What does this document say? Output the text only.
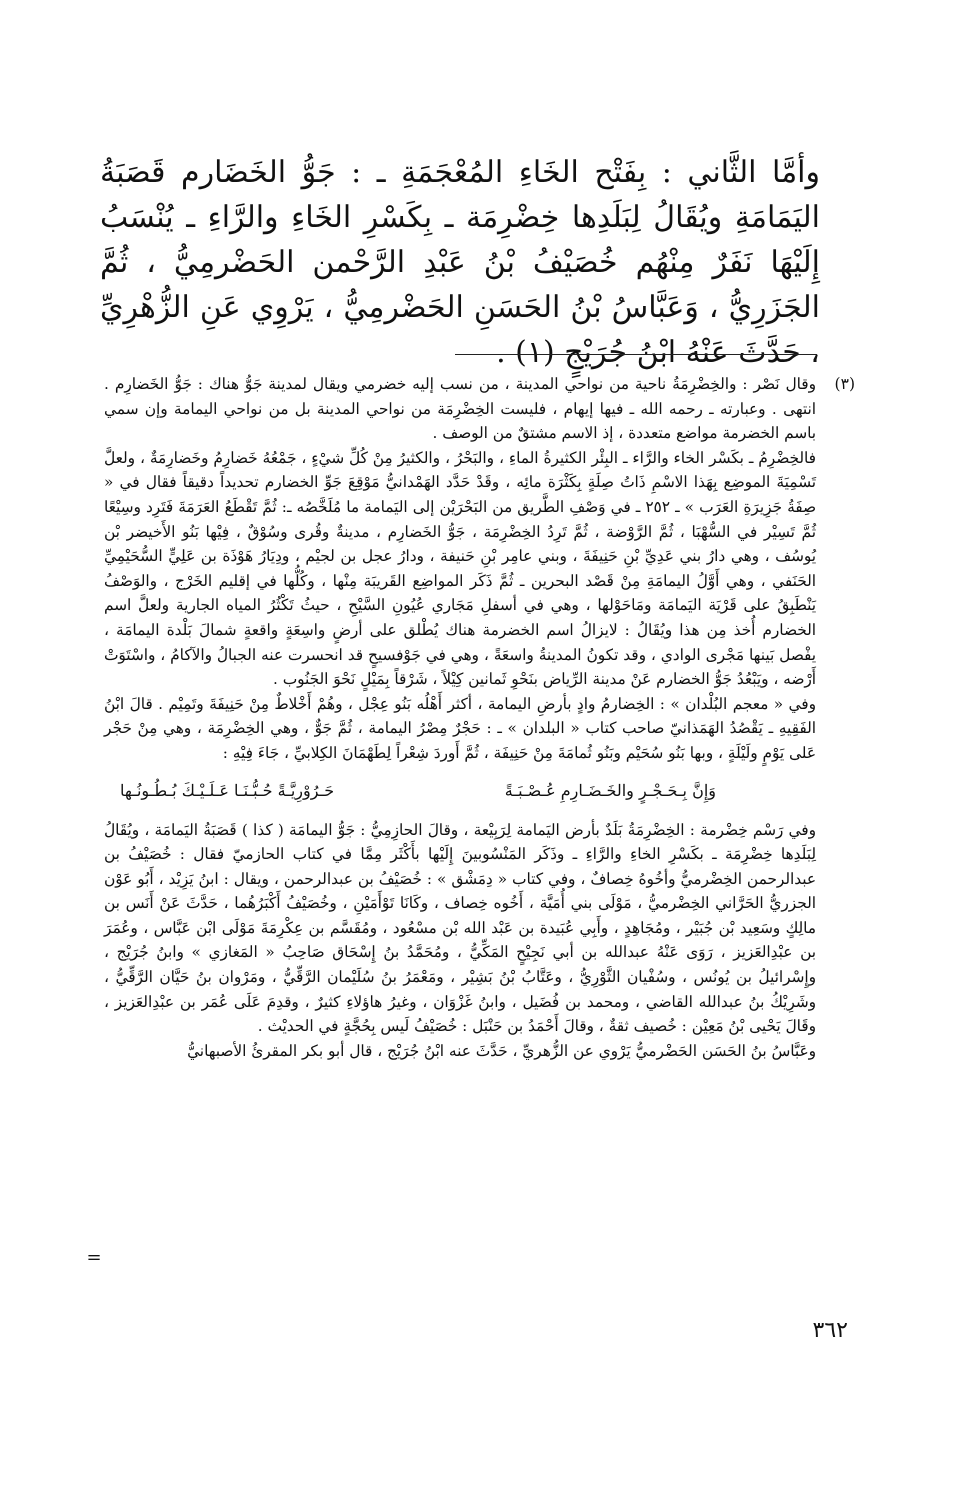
وأمَّا الثَّاني : بِفَتْح الخَاءِ المُعْجَمَةِ ـ : جَوُّ الخَضَارم قَصَبَةُ اليَمَامَةِ ويُقَالُ لِبَلَدِها خِضْرِمَة ـ بِكَسْرِ الخَاءِ والرَّاءِ ـ يُنْسَبُ إِلَيْهَا نَفَرٌ مِنْهُم خُصَيْفُ بْنُ عَبْدِ الرَّحْمن الحَضْرمِيُّ ، ثُمَّ الجَزَرِيُّ ، وَعَبَّاسُ بْنُ الحَسَنِ الحَضْرمِيُّ ، يَرْوِي عَنِ الزُّهْرِيِّ ، حَدَّثَ عَنْهُ ابْنُ جُرَيْجٍ (١) .

(٣)

وقال نَصْر : والخِضْرِمَةُ ناحية من نواحي المدينة ، من نسب إليه خضرمي ويقال لمدينة جَوُّ هناك : جَوُّ الخَضارِم . انتهى . وعبارته ـ رحمه الله ـ فيها إيهام ، فليست الخِضْرِمَة من نواحي المدينة بل من نواحي اليمامة وإن سمي باسم الخضرمة مواضع متعددة ، إذ الاسم مشتقٌ من الوصف .

فالخِضْرِمُ ـ بكَسْر الخاء والرَّاء ـ البِئْر الكثيرةُ الماءِ ، والبَحْرُ ، والكثيرُ مِنْ كُلِّ شيْءٍ ، جَمْعُهُ خَضارِمُ وخَضارِمَةٌ ، ولعلَّ تَسْمِيَةَ الموضِع بِهَذا الاسْمِ ذَاتُ صِلَةٍ بِكَثْرَة مائِه ، وقَدْ حَدَّد الهَمْدانيُّ مَوْقِعَ جَوِّ الخضارم تحديداً دقيقاً فقال في « صِفَةُ جَزِيرَةِ العَرَب » ـ ٢٥٢ ـ في وَصْفِ الطَّريق من البَحْرَيْن إلى اليَمامة ما مُلَخَّصُه ـ: ثُمَّ تَقْطَعُ العَرَمَةَ فَتَرِد وسِيْعًا ثُمَّ تَسِيْر في السُّهْبَا ، ثُمَّ الرَّوْضة ، ثُمَّ تَرِدُ الخِضْرِمَة ، جَوُّ الخَضارِم ، مدينةٌ وقُرى وسُوْقٌ ، فِيْها بَنُو الأَخيضر بْن يُوسُف ، وهي دارُ بني عَدِيِّ بْنِ حَنِيفَةَ ، وبني عامِر بْنِ حَنيفة ، ودارُ عجل بن لجيْم ، ودِيَارُ هَوْذَة بن عَلِيٍّ السُّحَيْمِيِّ الحَنَفي ، وهي أَوَّلُ اليمامَةِ مِنْ قَصْد البحرين ـ ثُمَّ ذَكَر المواضِع القَريبَة مِنْها ، وكُلُّها في إقليم الخَرْج ، والوَصْفُ يَنْطَبِقُ على قَرْيَة اليَمامَة ومَاحَوْلها ، وهي في أسفلِ مَجَاري عُيُونِ السَّيْحِ ، حيثُ تَكْثُرُ المياه الجارية ولعلَّ اسم الخضارم أُخذ مِن هذا ويُقَالُ : لايزالُ اسم الخضرمة هناك يُطْلق على أرضٍ واسِعَةٍ واقعةٍ شمالَ بَلْدة اليمامَة ، يفْصل بَينها مَجْرى الوادي ، وقد تكونُ المدينةُ واسعَةً ، وهي في جَوْفسيحٍ قد انحسرت عنه الجبالُ والآكامُ ، واسْتَوَتْ أَرْضه ، ويَبْعُدُ جَوُّ الخضارم عَنْ مدينة الرِّياض بنَحْوِ ثَمانين كِيْلاً ، شَرْقاً بِمَيْلٍ نَحْوَ الجَنُوب .

وفي « معجم البُلْدان » : الخِضارمُ وادٍ بأرضِ اليمامة ، أكثر أَهْلُه بَنُو عِجْل ، وهُمْ أَخْلاطٌ مِنْ حَنِيفَةَ وتَمِيْم . قالَ ابْنُ الفَقِيهِ ـ يَقْصُدُ الهَمَذانيّ صاحب كتاب « البلدان » ـ : حَجْرٌ مِصْرُ اليمامة ، ثُمَّ جَوٌّ ، وهي الخِضْرِمَة ، وهي مِنْ حَجْر عَلى يَوْمٍ ولَيْلَةٍ ، وبها بَنُو سُحَيْم وبَنُو ثُمامَةَ مِنْ حَنِيفَة ، ثُمَّ أَوردَ شِعْراً لِطَهْمَانَ الكِلابيِّ ، جَاءَ فِيْهِ :

وَإِنَّ بِـحَـجْـرٍ والخَـضَـارِمِ عُـصْـبَـةً
حَـرُوْرِيَّـةً حُـبُّـنَـا عَـلَـيْـكَ بُـطُـونُـها

وفي رَسْم خِضْرمة : الخِضْرِمَةُ بَلَدٌ بأرض اليَمامة لِرَبِيْعة ، وقالَ الحازِمِيُّ : جَوُّ اليمامَة ( كذا ) قَصَبَةُ اليَمامَة ، ويُقَالُ لِبَلَدِها خِضْرِمَة ـ بكَسْرِ الخاءِ والرَّاءِ ـ وذَكَر المَنْسُوبينَ إِلَيْها بأَكْثَر مِمَّا في كتاب الحازميّ فقال : خُصَيْفُ بن عبدالرحمن الخِضْرميُّ وأخُوهُ خِصافٌ ، وفي كتاب « دِمَشْق » : خُصَيْفُ بن عبدالرحمن ، ويقال : ابنُ يَزِيْد ، أَبُو عَوْن الجزريُّ الحَرَّاني الخِضْرميُّ ، مَوْلَى بني أُمَيَّة ، أَخُوه خِصاف ، وكَانَا تَوْأَمَيْنِ ، وخُصَيْفُ أَكْبَرُهُما ، حَدَّثَ عَنْ أَنَس بن مالِكٍ وسَعِيد بْن جُبَيْر ، ومُجَاهِدٍ ، وأَبِي عُبَيدة بن عَبْد الله بْن مسْعُود ، ومُقَسَّم بن عِكْرِمَةَ مَوْلَى ابْن عَبَّاس ، وعُمَرَ بن عبْدِالعَزيز ، رَوَى عَنْهُ عبدالله بن أبي نَجِيْحٍ المَكِّيُّ ، ومُحَمَّدُ بنُ إِسْحَاق صَاحِبُ « المَغازي » وابنُ جُرَيْج ، وإِسْرائيلُ بن يُونُس ، وسُفْيان الثَّوْرِيُّ ، وعَتَّابُ بْنُ بَشِيْر ، ومَعْمَرُ بنُ سُلَيْمان الرَّقِّيُّ ، ومَرْوان بنُ حَيَّان الرَّقِّيُّ ، وشَرِيْكُ بنُ عبدالله القاضي ، ومحمد بن فُضَيل ، وابنُ غَزْوَان ، وغيرُ هاؤلاءِ كثيرٌ ، وقدِمَ عَلَى عُمَر بن عبْدِالعَزيز ، وقَالَ يَحْيى بْنُ مَعِيْن : خُصيف ثقةٌ ، وقالَ أَحْمَدُ بن حَنْبَل : خُصَيْفُ لَيس بِحُجَّةٍ في الحديْث .

وعَبَّاسُ بنُ الحَسَن الحَضْرميُّ يَرْوي عن الزُّهريِّ ، حَدَّثَ عنه ابْنُ جُرَيْج ، قال أبو بكر المقرئُ الأصبهانيُّ

=
٣٦٢
